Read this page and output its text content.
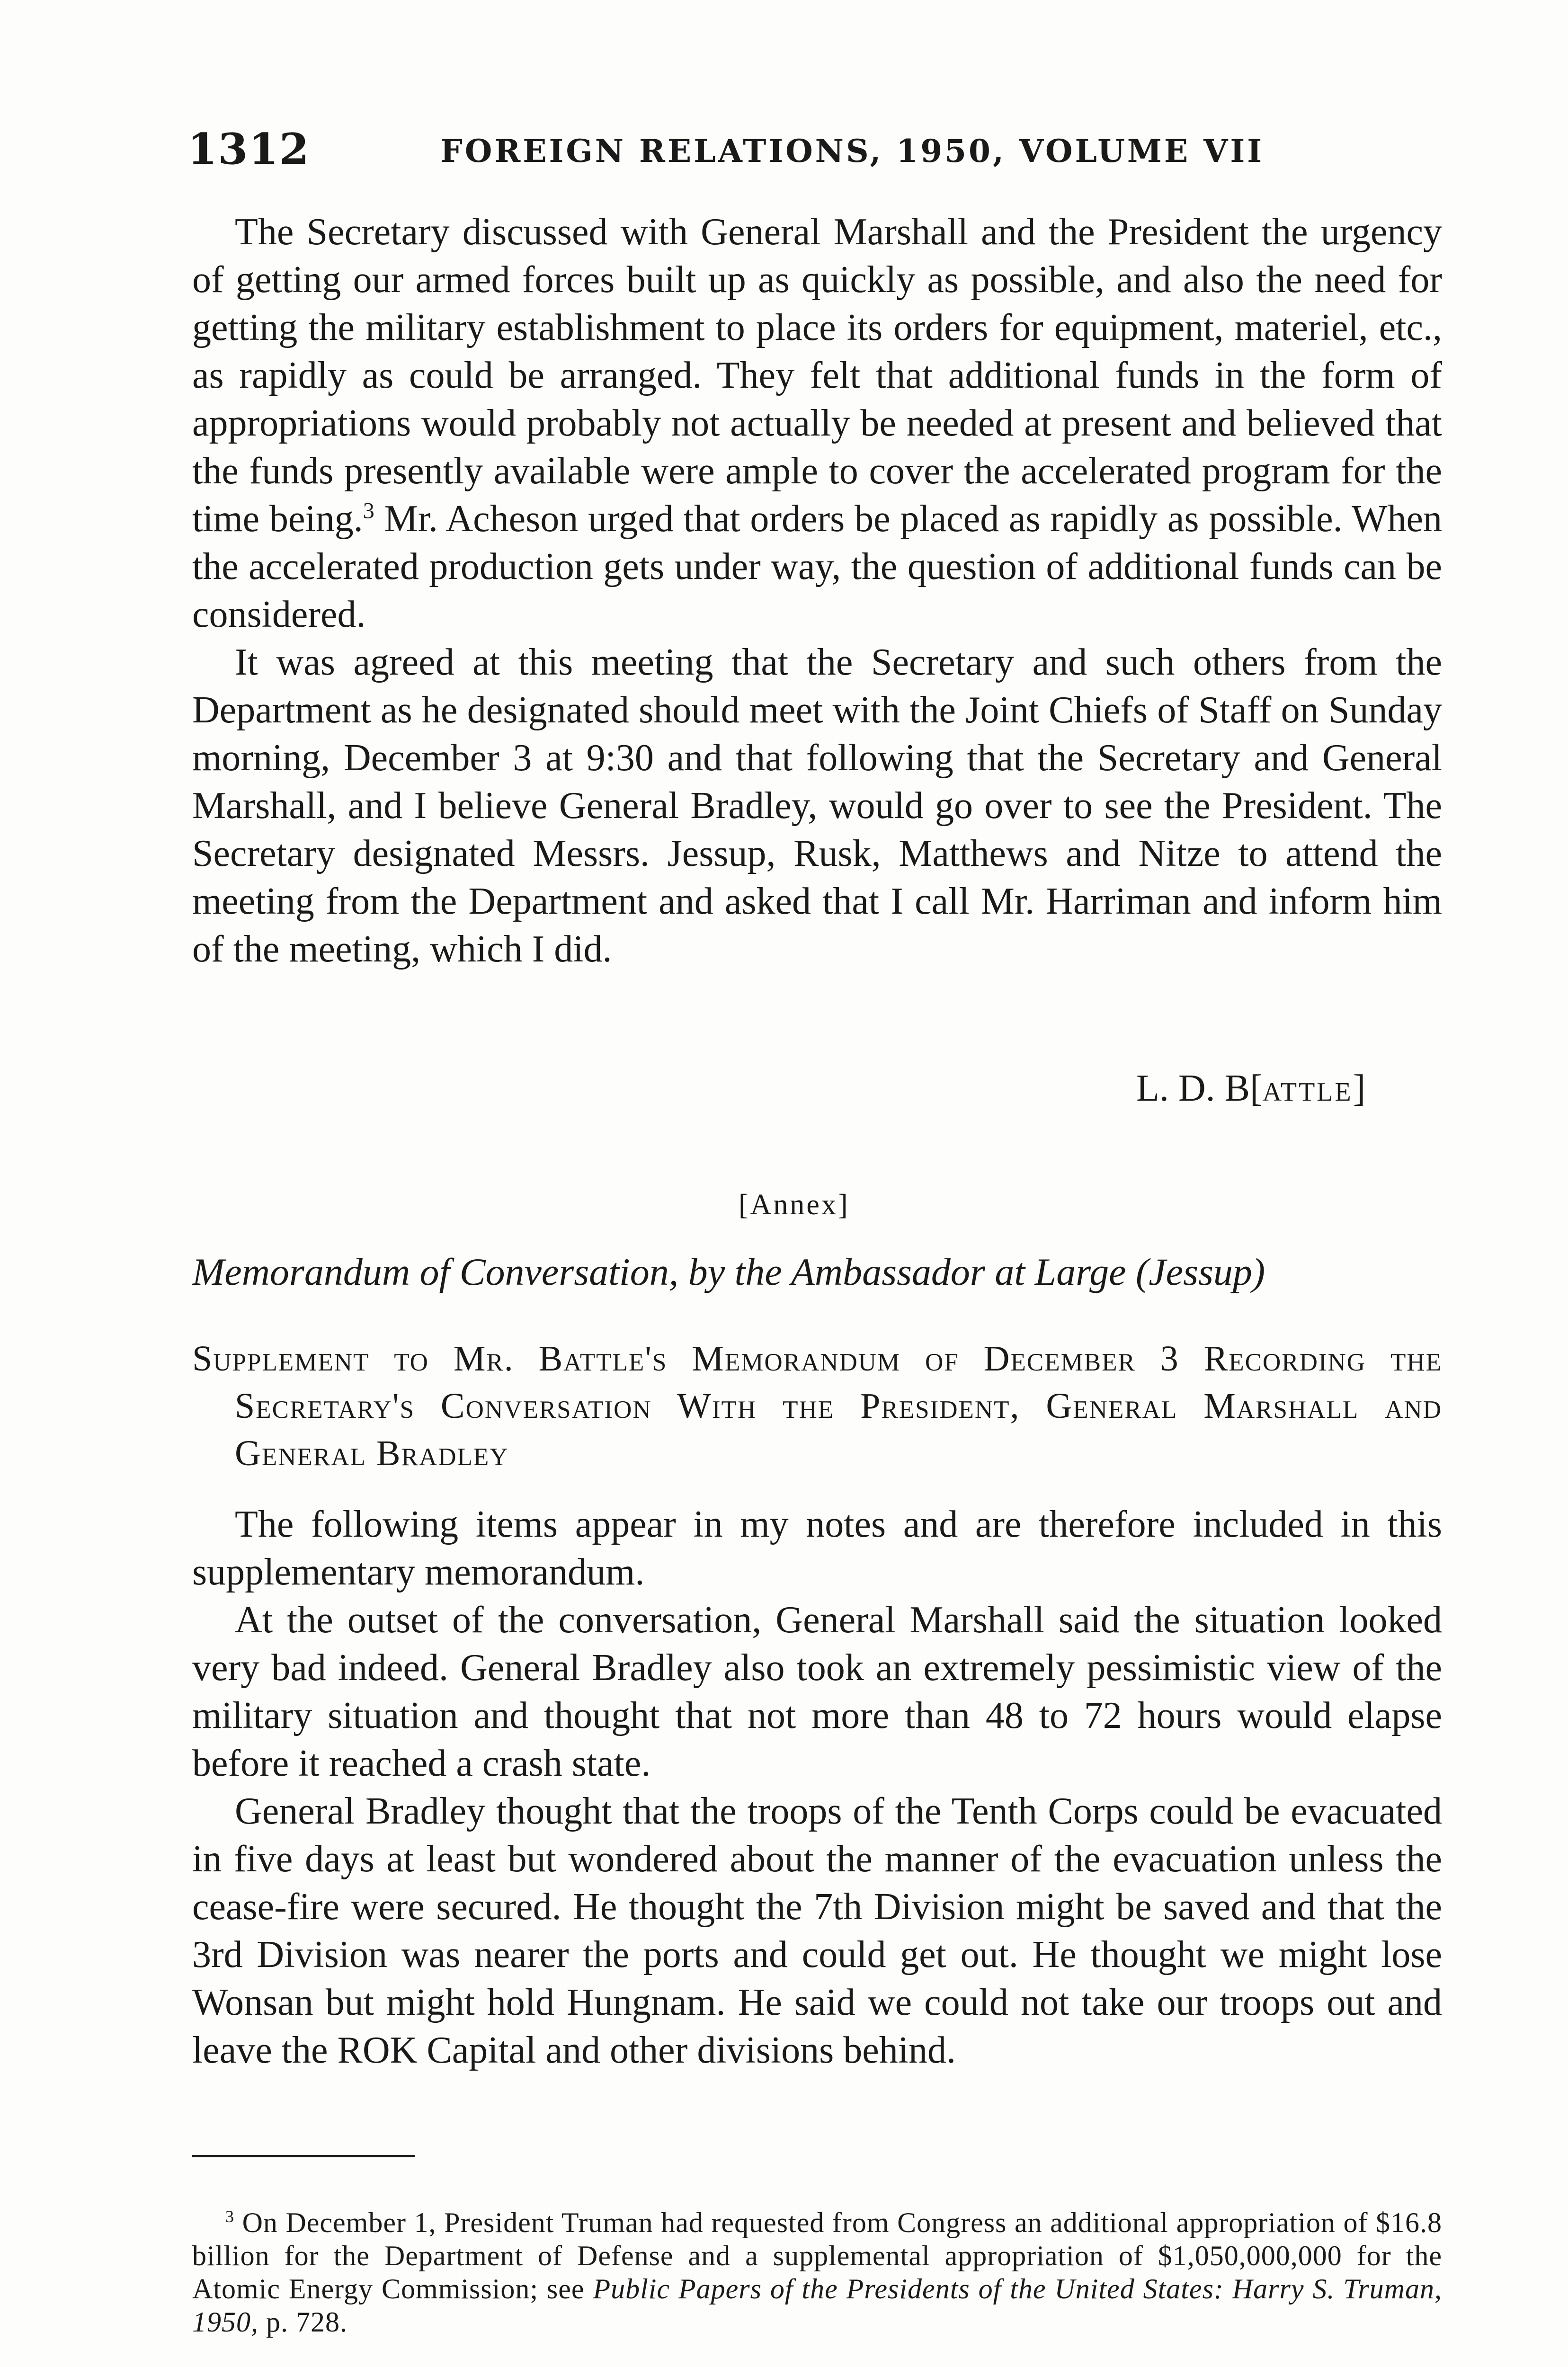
1312	FOREIGN RELATIONS, 1950, VOLUME VII

The Secretary discussed with General Marshall and the President the urgency of getting our armed forces built up as quickly as possible, and also the need for getting the military establishment to place its orders for equipment, materiel, etc., as rapidly as could be arranged. They felt that additional funds in the form of appropriations would probably not actually be needed at present and believed that the funds presently available were ample to cover the accelerated program for the time being.$^3$ Mr. Acheson urged that orders be placed as rapidly as possible. When the accelerated production gets under way, the question of additional funds can be considered.

It was agreed at this meeting that the Secretary and such others from the Department as he designated should meet with the Joint Chiefs of Staff on Sunday morning, December 3 at 9:30 and that following that the Secretary and General Marshall, and I believe General Bradley, would go over to see the President. The Secretary designated Messrs. Jessup, Rusk, Matthews and Nitze to attend the meeting from the Department and asked that I call Mr. Harriman and inform him of the meeting, which I did.

L. D. B[ATTLE]
[Annex]
Memorandum of Conversation, by the Ambassador at Large (Jessup)
Supplement to Mr. Battle's Memorandum of December 3 Recording the Secretary's Conversation With the President, General Marshall and General Bradley

The following items appear in my notes and are therefore included in this supplementary memorandum.

At the outset of the conversation, General Marshall said the situation looked very bad indeed. General Bradley also took an extremely pessimistic view of the military situation and thought that not more than 48 to 72 hours would elapse before it reached a crash state.

General Bradley thought that the troops of the Tenth Corps could be evacuated in five days at least but wondered about the manner of the evacuation unless the cease-fire were secured. He thought the 7th Division might be saved and that the 3rd Division was nearer the ports and could get out. He thought we might lose Wonsan but might hold Hungnam. He said we could not take our troops out and leave the ROK Capital and other divisions behind.

$^3$ On December 1, President Truman had requested from Congress an additional appropriation of $16.8 billion for the Department of Defense and a supplemental appropriation of $1,050,000,000 for the Atomic Energy Commission; see Public Papers of the Presidents of the United States: Harry S. Truman, 1950, p. 728.
